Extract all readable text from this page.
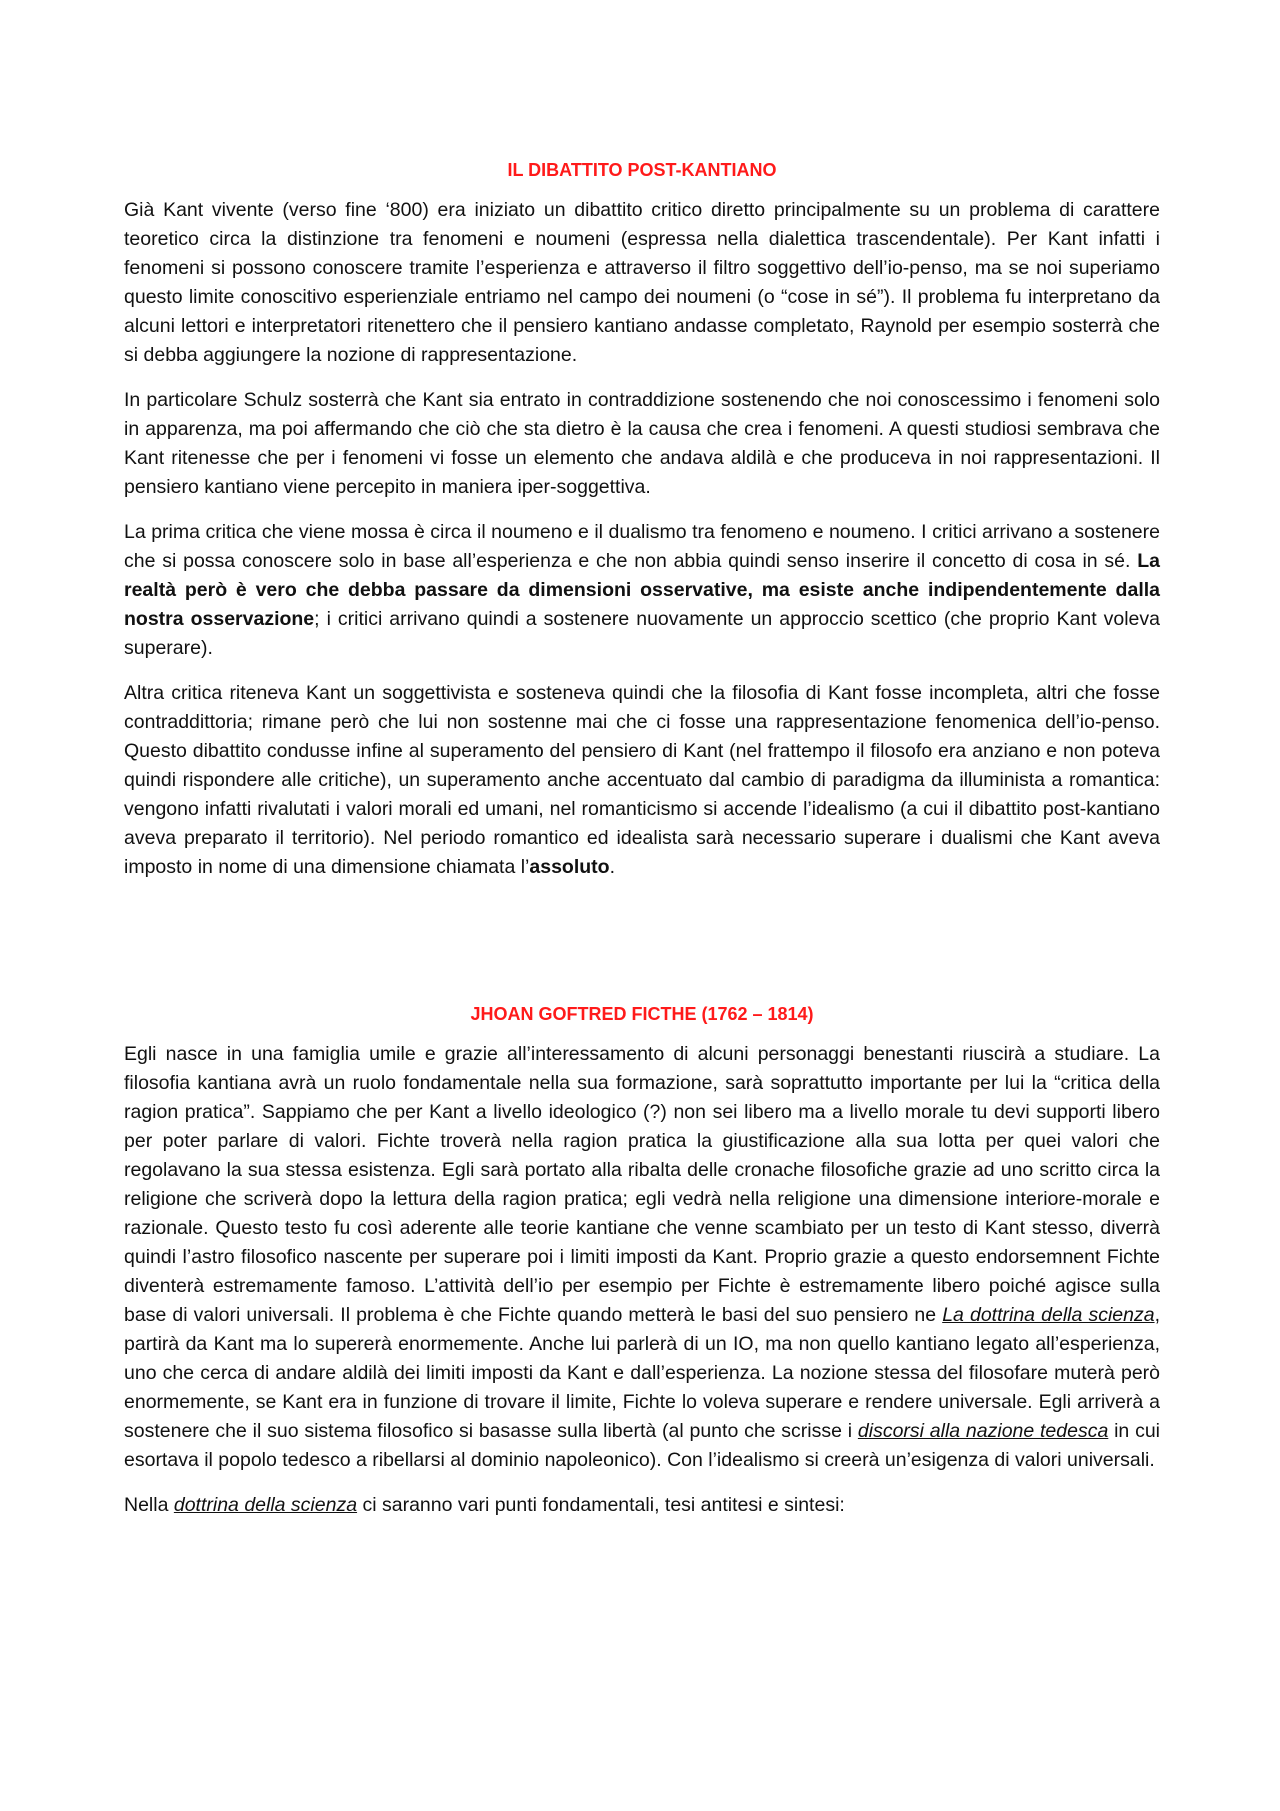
IL DIBATTITO POST-KANTIANO

Già Kant vivente (verso fine ‘800) era iniziato un dibattito critico diretto principalmente su un problema di carattere teoretico circa la distinzione tra fenomeni e noumeni (espressa nella dialettica trascendentale). Per Kant infatti i fenomeni si possono conoscere tramite l’esperienza e attraverso il filtro soggettivo dell’io-penso, ma se noi superiamo questo limite conoscitivo esperienziale entriamo nel campo dei noumeni (o “cose in sé”). Il problema fu interpretano da alcuni lettori e interpretatori ritenettero che il pensiero kantiano andasse completato, Raynold per esempio sosterrà che si debba aggiungere la nozione di rappresentazione.

In particolare Schulz sosterrà che Kant sia entrato in contraddizione sostenendo che noi conoscessimo i fenomeni solo in apparenza, ma poi affermando che ciò che sta dietro è la causa che crea i fenomeni. A questi studiosi sembrava che Kant ritenesse che per i fenomeni vi fosse un elemento che andava aldilà e che produceva in noi rappresentazioni. Il pensiero kantiano viene percepito in maniera iper-soggettiva.

La prima critica che viene mossa è circa il noumeno e il dualismo tra fenomeno e noumeno. I critici arrivano a sostenere che si possa conoscere solo in base all’esperienza e che non abbia quindi senso inserire il concetto di cosa in sé. La realtà però è vero che debba passare da dimensioni osservative, ma esiste anche indipendentemente dalla nostra osservazione; i critici arrivano quindi a sostenere nuovamente un approccio scettico (che proprio Kant voleva superare).

Altra critica riteneva Kant un soggettivista e sosteneva quindi che la filosofia di Kant fosse incompleta, altri che fosse contraddittoria; rimane però che lui non sostenne mai che ci fosse una rappresentazione fenomenica dell’io-penso. Questo dibattito condusse infine al superamento del pensiero di Kant (nel frattempo il filosofo era anziano e non poteva quindi rispondere alle critiche), un superamento anche accentuato dal cambio di paradigma da illuminista a romantica: vengono infatti rivalutati i valori morali ed umani, nel romanticismo si accende l’idealismo (a cui il dibattito post-kantiano aveva preparato il territorio). Nel periodo romantico ed idealista sarà necessario superare i dualismi che Kant aveva imposto in nome di una dimensione chiamata l’assoluto.

JHOAN GOFTRED FICTHE (1762 – 1814)

Egli nasce in una famiglia umile e grazie all’interessamento di alcuni personaggi benestanti riuscirà a studiare. La filosofia kantiana avrà un ruolo fondamentale nella sua formazione, sarà soprattutto importante per lui la “critica della ragion pratica”. Sappiamo che per Kant a livello ideologico (?) non sei libero ma a livello morale tu devi supporti libero per poter parlare di valori. Fichte troverà nella ragion pratica la giustificazione alla sua lotta per quei valori che regolavano la sua stessa esistenza. Egli sarà portato alla ribalta delle cronache filosofiche grazie ad uno scritto circa la religione che scriverà dopo la lettura della ragion pratica; egli vedrà nella religione una dimensione interiore-morale e razionale. Questo testo fu così aderente alle teorie kantiane che venne scambiato per un testo di Kant stesso, diverrà quindi l’astro filosofico nascente per superare poi i limiti imposti da Kant. Proprio grazie a questo endorsemnent Fichte diventerà estremamente famoso. L’attività dell’io per esempio per Fichte è estremamente libero poiché agisce sulla base di valori universali. Il problema è che Fichte quando metterà le basi del suo pensiero ne La dottrina della scienza, partirà da Kant ma lo supererà enormemente. Anche lui parlerà di un IO, ma non quello kantiano legato all’esperienza, uno che cerca di andare aldilà dei limiti imposti da Kant e dall’esperienza. La nozione stessa del filosofare muterà però enormemente, se Kant era in funzione di trovare il limite, Fichte lo voleva superare e rendere universale. Egli arriverà a sostenere che il suo sistema filosofico si basasse sulla libertà (al punto che scrisse i discorsi alla nazione tedesca in cui esortava il popolo tedesco a ribellarsi al dominio napoleonico). Con l’idealismo si creerà un’esigenza di valori universali.

Nella dottrina della scienza ci saranno vari punti fondamentali, tesi antitesi e sintesi:
